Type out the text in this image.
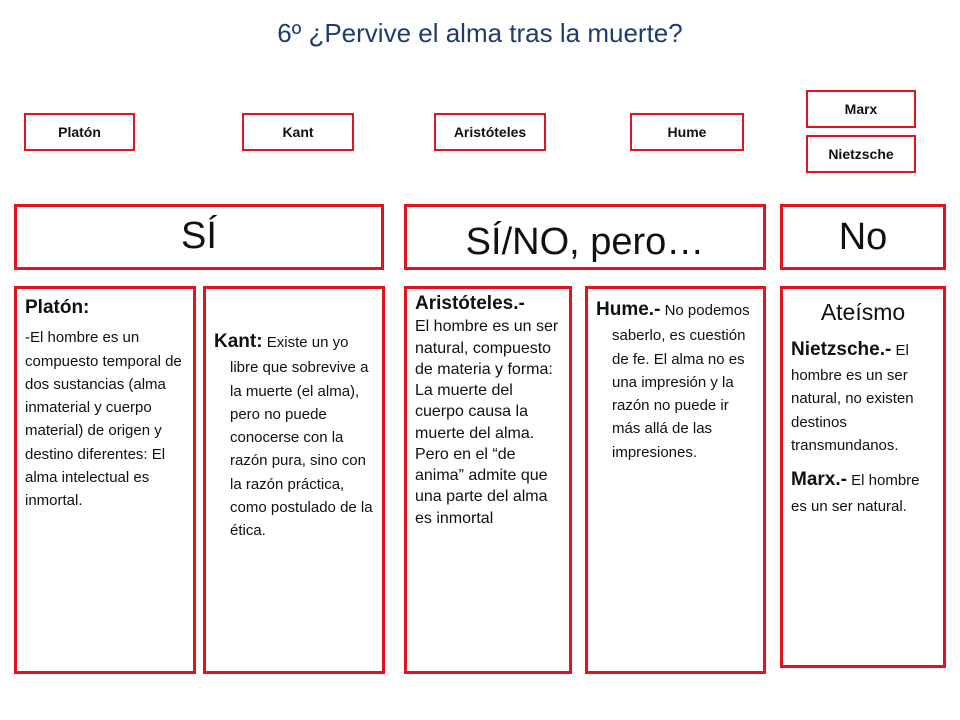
6º ¿Pervive el alma tras la muerte?
Platón	Kant	Aristóteles	Hume
Marx
Nietzsche
SÍ	SÍ/NO, pero…	No

Platón:

-El hombre es un compuesto temporal de dos sustancias (alma inmaterial y cuerpo material) de origen y destino diferentes: El alma intelectual es inmortal.

Kant: Existe un yo libre que sobrevive a la muerte (el alma), pero no puede conocerse con la razón pura, sino con la razón práctica, como postulado de la ética.

Aristóteles.-

El hombre es un ser natural, compuesto de materia y forma: La muerte del cuerpo causa la muerte del alma. Pero en el “de anima” admite que una parte del alma es inmortal

Hume.- No podemos saberlo, es cuestión de fe. El alma no es una impresión y la razón no puede ir más allá de las impresiones.

Ateísmo

Nietzsche.- El hombre es un ser natural, no existen destinos transmundanos.

Marx.- El hombre es un ser natural.
